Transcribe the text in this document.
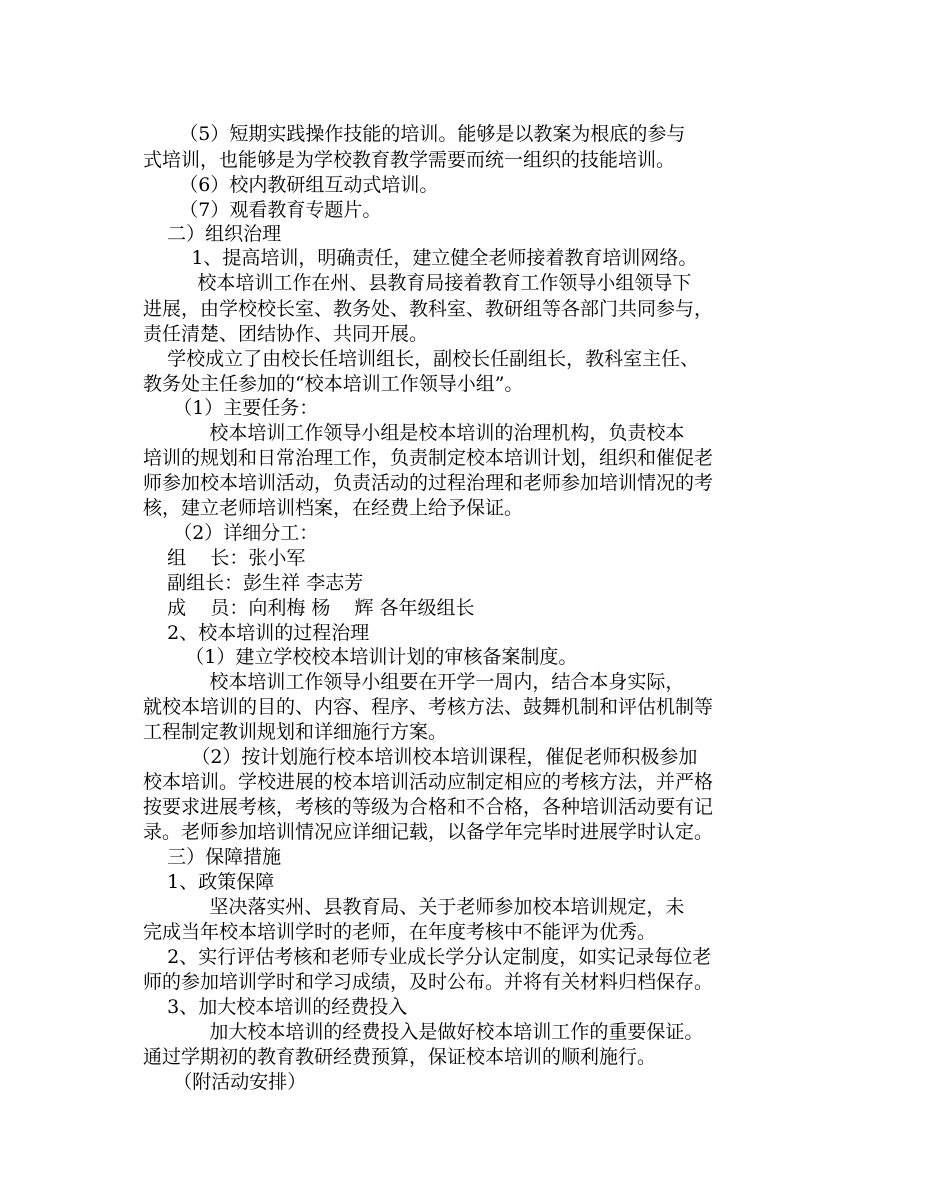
（5）短期实践操作技能的培训。能够是以教案为根底的参与
式培训，也能够是为学校教育教学需要而统一组织的技能培训。
（6）校内教研组互动式培训。
（7）观看教育专题片。
二）组织治理
1、提高培训，明确责任，建立健全老师接着教育培训网络。
校本培训工作在州、县教育局接着教育工作领导小组领导下
进展，由学校校长室、教务处、教科室、教研组等各部门共同参与，
责任清楚、团结协作、共同开展。
学校成立了由校长任培训组长，副校长任副组长，教科室主任、
教务处主任参加的“校本培训工作领导小组”。
（1）主要任务：
校本培训工作领导小组是校本培训的治理机构，负责校本
培训的规划和日常治理工作，负责制定校本培训计划，组织和催促老
师参加校本培训活动，负责活动的过程治理和老师参加培训情况的考
核，建立老师培训档案，在经费上给予保证。
（2）详细分工：
组    长：张小军
副组长：彭生祥 李志芳
成    员：向利梅 杨    辉 各年级组长
2、校本培训的过程治理
（1）建立学校校本培训计划的审核备案制度。
校本培训工作领导小组要在开学一周内，结合本身实际，
就校本培训的目的、内容、程序、考核方法、鼓舞机制和评估机制等
工程制定教训规划和详细施行方案。
（2）按计划施行校本培训校本培训课程，催促老师积极参加
校本培训。学校进展的校本培训活动应制定相应的考核方法，并严格
按要求进展考核，考核的等级为合格和不合格，各种培训活动要有记
录。老师参加培训情况应详细记载，以备学年完毕时进展学时认定。
三）保障措施
1、政策保障
坚决落实州、县教育局、关于老师参加校本培训规定，未
完成当年校本培训学时的老师，在年度考核中不能评为优秀。
2、实行评估考核和老师专业成长学分认定制度，如实记录每位老
师的参加培训学时和学习成绩，及时公布。并将有关材料归档保存。
3、加大校本培训的经费投入
加大校本培训的经费投入是做好校本培训工作的重要保证。
通过学期初的教育教研经费预算，保证校本培训的顺利施行。
（附活动安排）
